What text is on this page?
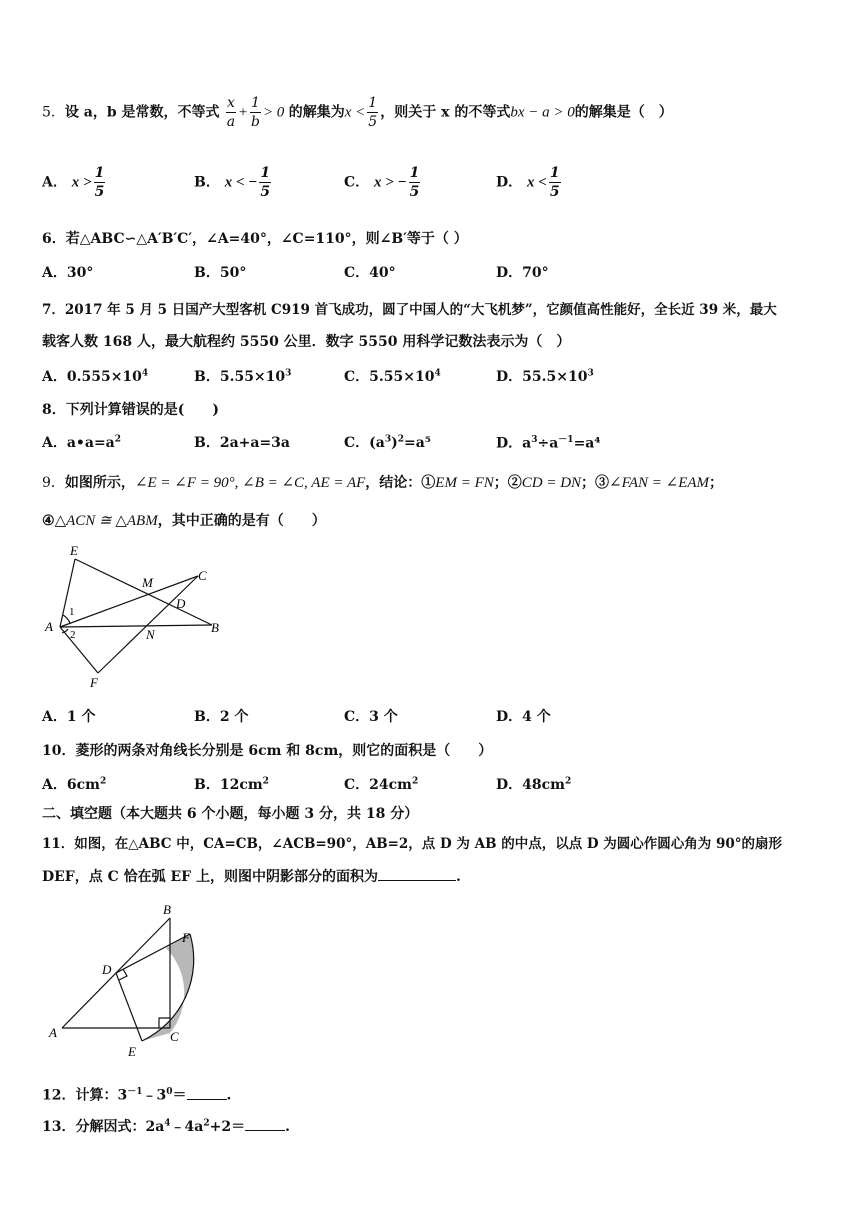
5．设 a，b 是常数，不等式 $\frac{x}{a} + \frac{1}{b} > 0$ 的解集为$x < \frac{1}{5}$ ，则关于 x 的不等式bx − a > 0的解集是（　）
A． $x > \frac{1}{5}$	B． x < − $\frac{1}{5}$	C． x > − $\frac{1}{5}$	D． $x < \frac{1}{5}$
6．若△ABC∽△A′B′C′，∠A=40°，∠C=110°，则∠B′等于（ ）
A．30°	B．50°	C．40°	D．70°
7．2017 年 5 月 5 日国产大型客机 C919 首飞成功，圆了中国人的“大飞机梦”，它颜值高性能好，全长近 39 米，最大
载客人数 168 人，最大航程约 5550 公里．数字 5550 用科学记数法表示为（　）
A．$0.555\times 10^4$	B．$5.55\times 10^3$	C．$5.55\times 10^4$	D．$55.5\times 10^3$
8．下列计算错误的是(　　)
A．$a•a=a^2$	B．2a+a=3a	C．$(a^3)^2=a^5$	D．$a^3\div a^{-1}=a^4$
9．如图所示，∠E = ∠F = 90°, ∠B = ∠C, AE = AF，结论：①EM = FN；②CD = DN；③∠FAN = ∠EAM；
④△ACN ≅ △ABM，其中正确的是有（　　）
E
M	C
D
A	B
N
F
1
2
A．1 个	B．2 个	C．3 个	D．4 个
10．菱形的两条对角线长分别是 6cm 和 8cm，则它的面积是（　　）
A．$6cm^2$	B．$12cm^2$	C．$24cm^2$	D．$48cm^2$
二、填空题（本大题共 6 个小题，每小题 3 分，共 18 分）
11．如图，在△ABC 中，CA=CB，∠ACB=90°，AB=2，点 D 为 AB 的中点，以点 D 为圆心作圆心角为 90°的扇形
DEF，点 C 恰在弧 EF 上，则图中阴影部分的面积为	.
B
F
D
A	C
E
12．计算：$3^{-1}﹣3^0=$	.
13．分解因式：$2a^4﹣4a^2+2=$	.
